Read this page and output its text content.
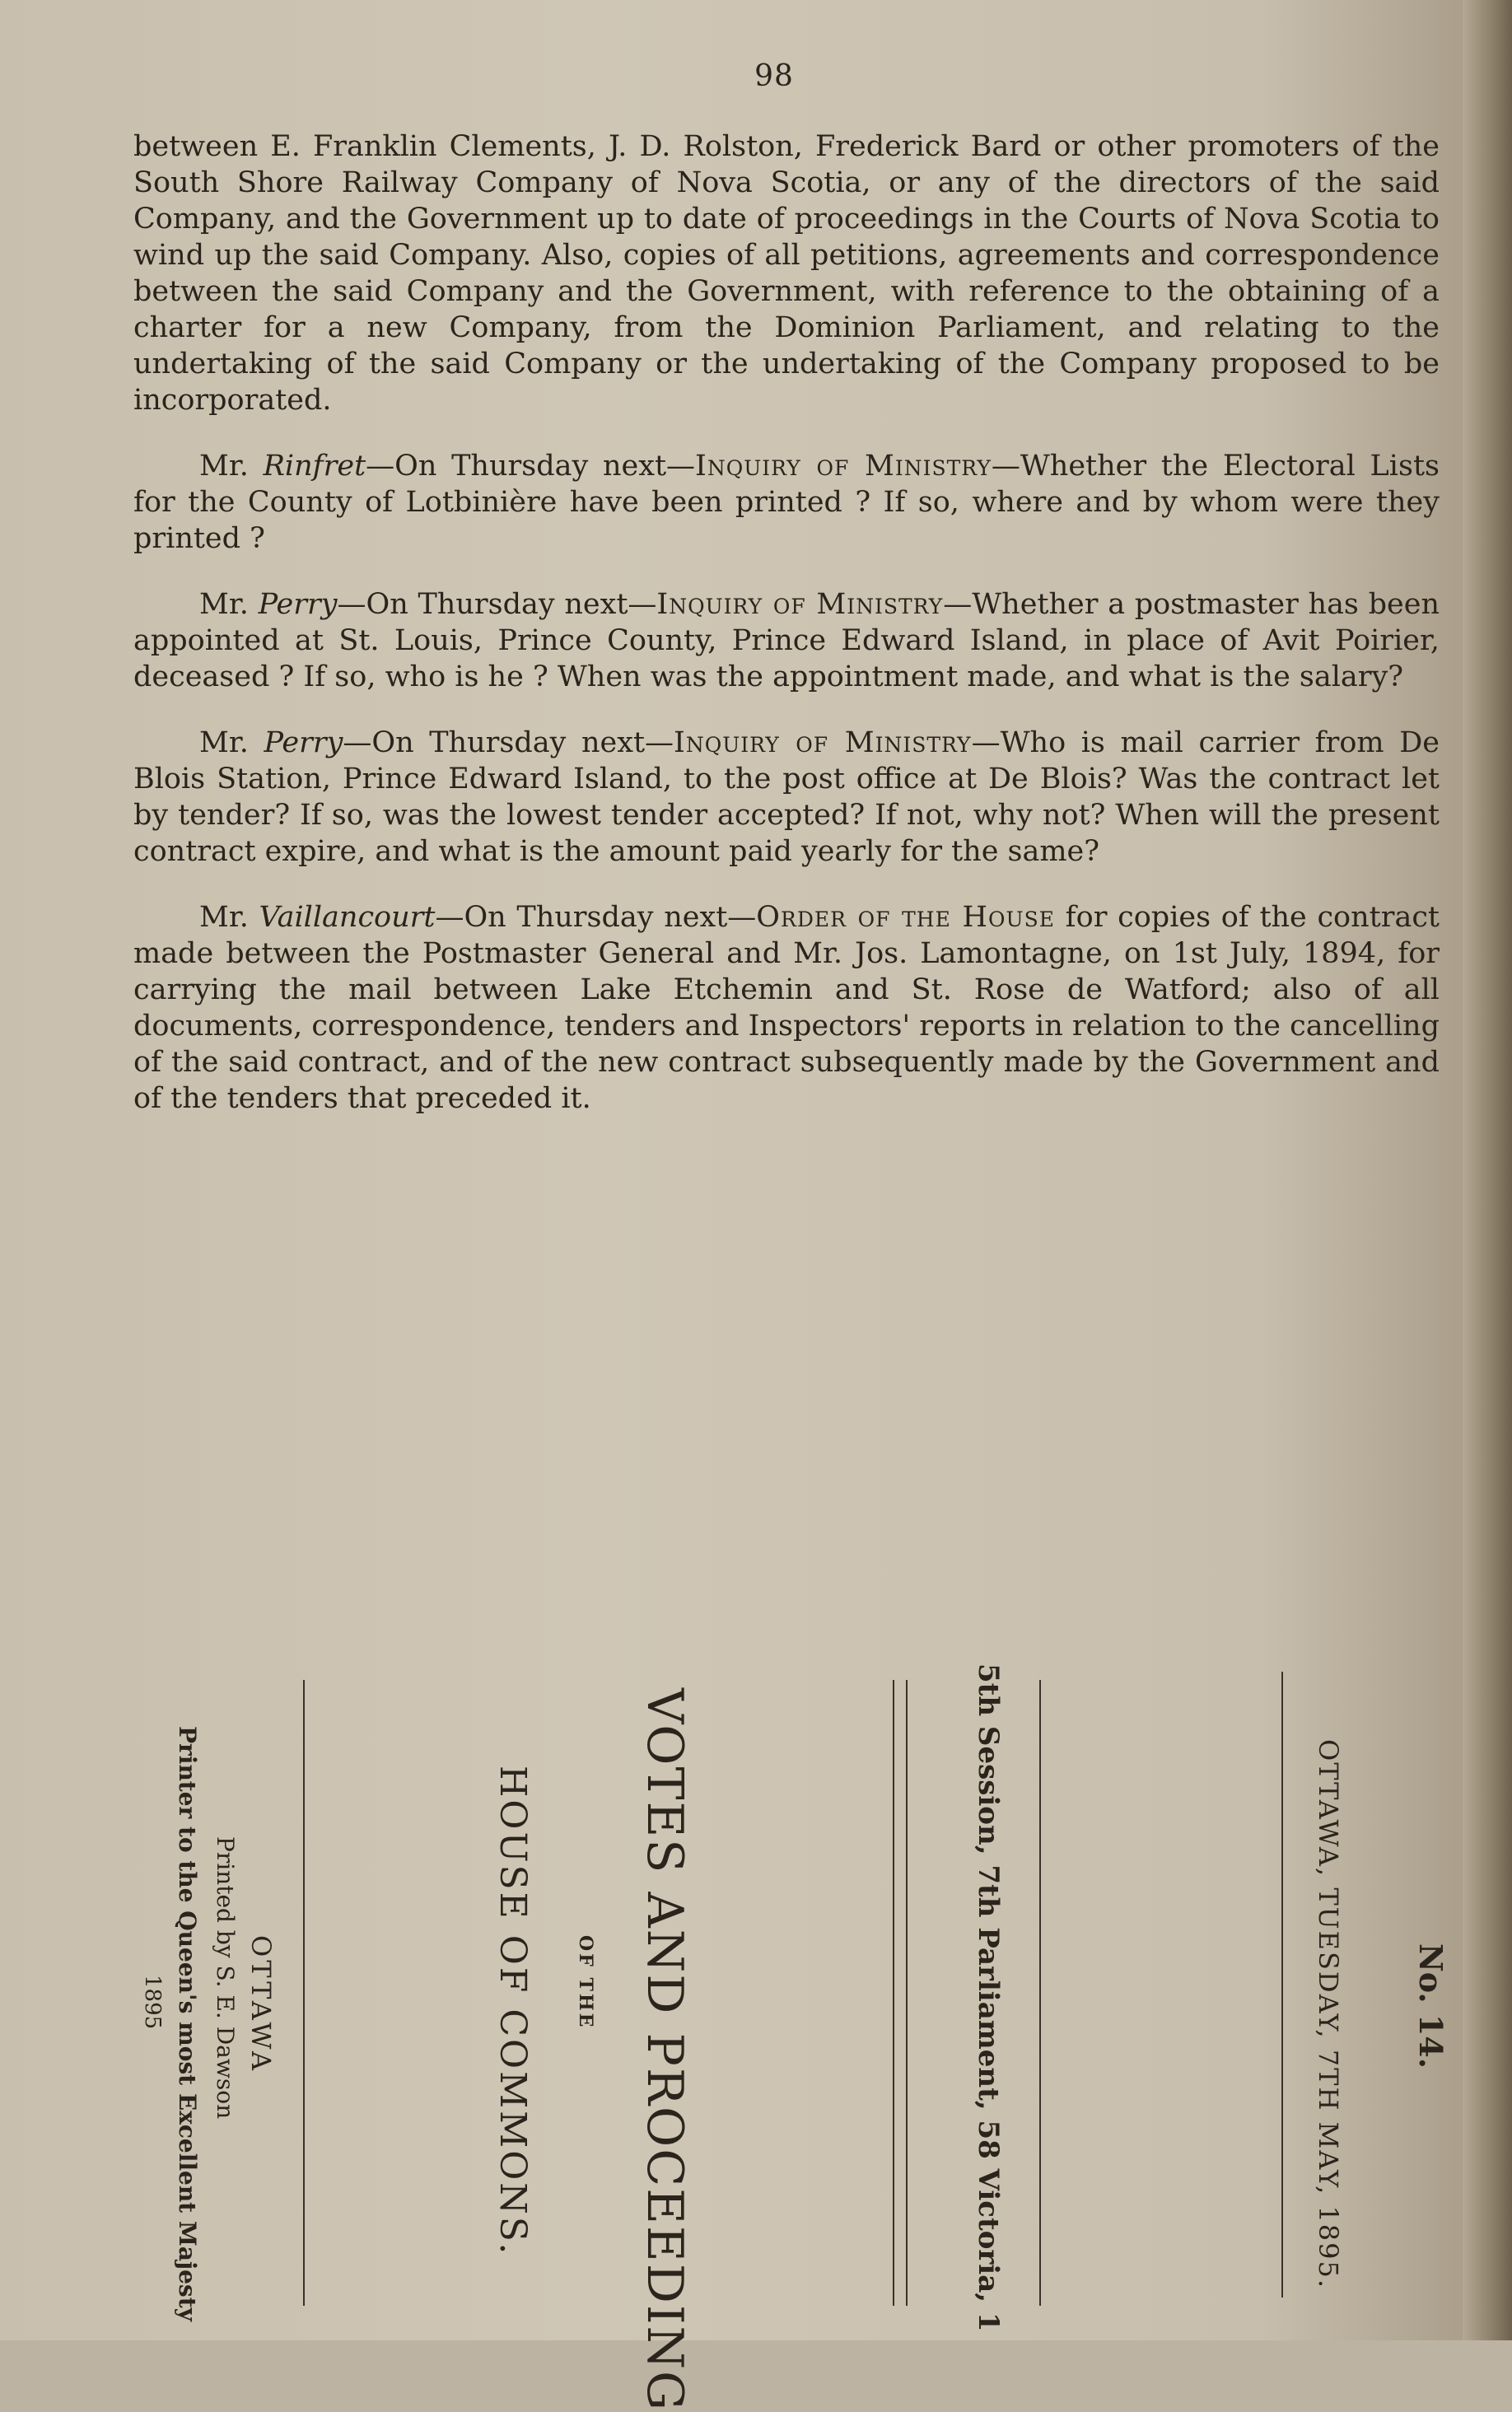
98

between E. Franklin Clements, J. D. Rolston, Frederick Bard or other promoters of the South Shore Railway Company of Nova Scotia, or any of the directors of the said Company, and the Government up to date of proceedings in the Courts of Nova Scotia to wind up the said Company. Also, copies of all petitions, agreements and correspondence between the said Company and the Government, with reference to the obtaining of a charter for a new Company, from the Dominion Parliament, and relating to the undertaking of the said Company or the undertaking of the Company proposed to be incorporated.

Mr. Rinfret—On Thursday next—Inquiry of Ministry—Whether the Electoral Lists for the County of Lotbinière have been printed ? If so, where and by whom were they printed ?

Mr. Perry—On Thursday next—Inquiry of Ministry—Whether a postmaster has been appointed at St. Louis, Prince County, Prince Edward Island, in place of Avit Poirier, deceased ? If so, who is he ? When was the appointment made, and what is the salary?

Mr. Perry—On Thursday next—Inquiry of Ministry—Who is mail carrier from De Blois Station, Prince Edward Island, to the post office at De Blois? Was the contract let by tender? If so, was the lowest tender accepted? If not, why not? When will the present contract expire, and what is the amount paid yearly for the same?

Mr. Vaillancourt—On Thursday next—Order of the House for copies of the contract made between the Postmaster General and Mr. Jos. Lamontagne, on 1st July, 1894, for carrying the mail between Lake Etchemin and St. Rose de Watford; also of all documents, correspondence, tenders and Inspectors' reports in relation to the cancelling of the said contract, and of the new contract subsequently made by the Government and of the tenders that preceded it.

No. 14.
OTTAWA, TUESDAY, 7TH MAY, 1895.
5th Session, 7th Parliament, 58 Victoria, 1
VOTES AND PROCEEDING
OF THE
HOUSE OF COMMONS.
OTTAWA
Printed by S. E. Dawson
Printer to the Queen's most Excellent Majesty
1895
